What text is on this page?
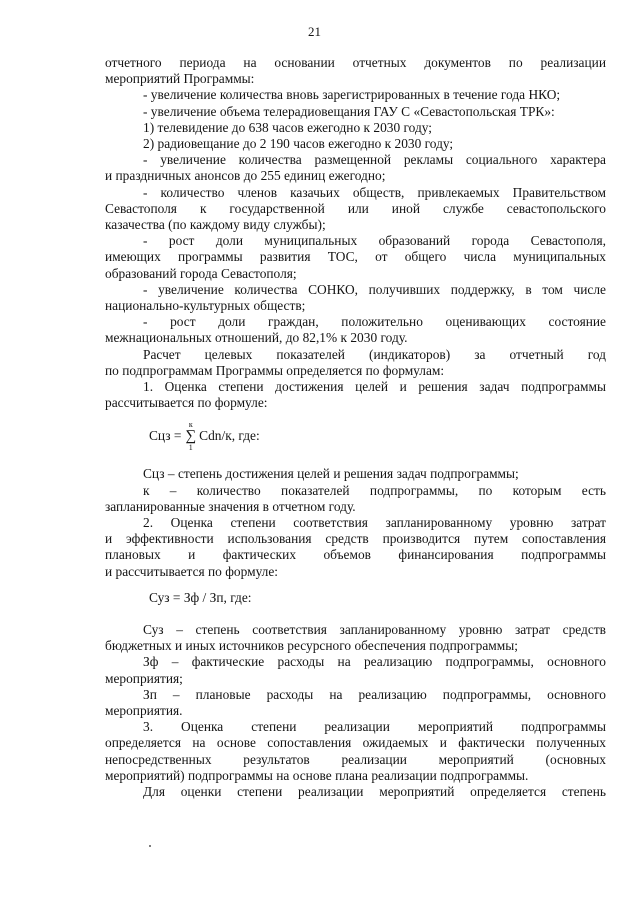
21

отчетного периода на основании отчетных документов по реализации

мероприятий Программы:

- увеличение количества вновь зарегистрированных в течение года НКО;

- увеличение объема телерадиовещания ГАУ С «Севастопольская ТРК»:

1) телевидение до 638 часов ежегодно к 2030 году;

2) радиовещание до 2 190 часов ежегодно к 2030 году;

- увеличение количества размещенной рекламы социального характера

и праздничных анонсов до 255 единиц ежегодно;

- количество членов казачьих обществ, привлекаемых Правительством

Севастополя к государственной или иной службе севастопольского

казачества (по каждому виду службы);

- рост доли муниципальных образований города Севастополя,

имеющих программы развития ТОС, от общего числа муниципальных

образований города Севастополя;

- увеличение количества СОНКО, получивших поддержку, в том числе

национально-культурных обществ;

- рост доли граждан, положительно оценивающих состояние

межнациональных отношений, до 82,1% к 2030 году.

Расчет целевых показателей (индикаторов) за отчетный год

по подпрограммам Программы определяется по формулам:

1. Оценка степени достижения целей и решения задач подпрограммы

рассчитывается по формуле:

Сцз =
к
∑
1
Cdn/к, где:

Сцз – степень достижения целей и решения задач подпрограммы;

к – количество показателей подпрограммы, по которым есть

запланированные значения в отчетном году.

2. Оценка степени соответствия запланированному уровню затрат

и эффективности использования средств производится путем сопоставления

плановых и фактических объемов финансирования подпрограммы

и рассчитывается по формуле:

Суз = Зф / Зп, где:

Суз – степень соответствия запланированному уровню затрат средств

бюджетных и иных источников ресурсного обеспечения подпрограммы;

Зф – фактические расходы на реализацию подпрограммы, основного

мероприятия;

Зп – плановые расходы на реализацию подпрограммы, основного

мероприятия.

3. Оценка степени реализации мероприятий подпрограммы

определяется на основе сопоставления ожидаемых и фактически полученных

непосредственных результатов реализации мероприятий (основных

мероприятий) подпрограммы на основе плана реализации подпрограммы.

Для оценки степени реализации мероприятий определяется степень
